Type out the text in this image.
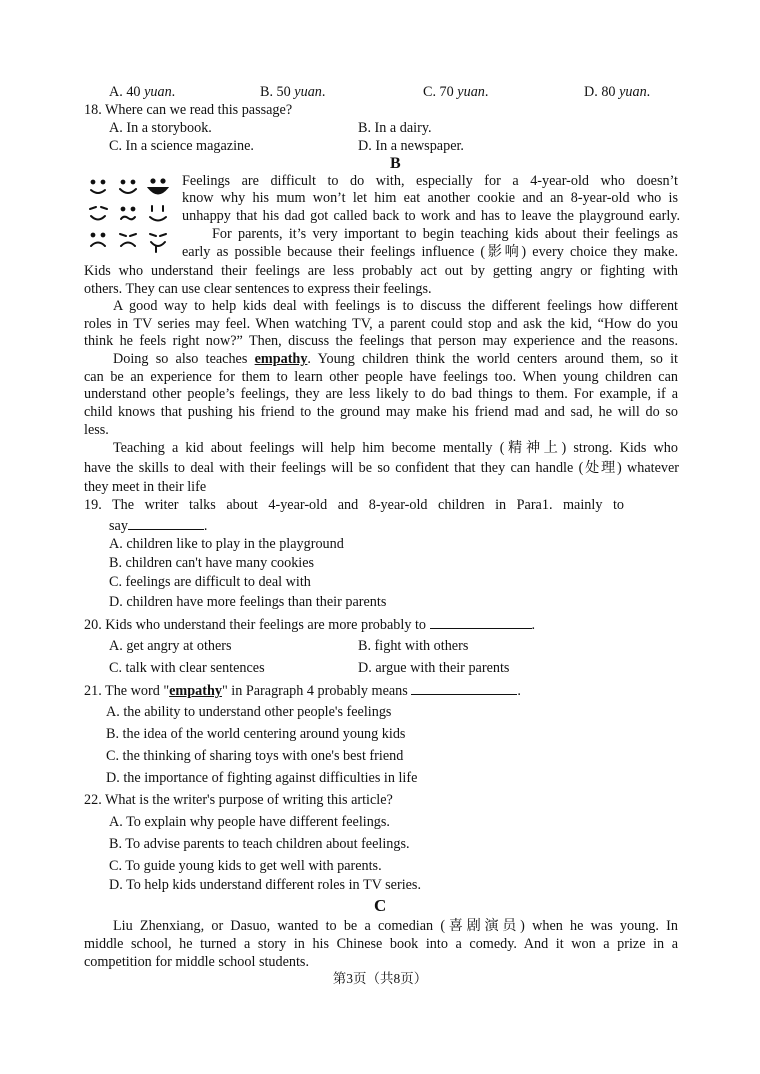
A. 40 yuan.	B. 50 yuan.	C. 70 yuan.	D. 80 yuan.
18. Where can we read this passage?
A. In a storybook.	B. In a dairy.
C. In a science magazine.	D. In a newspaper.
B
Feelings are difficult to do with, especially for a 4-year-old who doesn’t
know why his mum won’t let him eat another cookie and an 8-year-old who is
unhappy that his dad got called back to work and has to leave the playground early.
For parents, it’s very important to begin teaching kids about their feelings as
early as possible because their feelings influence (影响) every choice they make.
Kids who understand their feelings are less probably act out by getting angry or fighting with
others. They can use clear sentences to express their feelings.
A good way to help kids deal with feelings is to discuss the different feelings how different
roles in TV series may feel. When watching TV, a parent could stop and ask the kid, “How do you
think he feels right now?” Then, discuss the feelings that person may experience and the reasons.
Doing so also teaches empathy. Young children think the world centers around them, so it
can be an experience for them to learn other people have feelings too. When young children can
understand other people’s feelings, they are less likely to do bad things to them. For example, if a
child knows that pushing his friend to the ground may make his friend mad and sad, he will do so
less.
Teaching a kid about feelings will help him become mentally (精神上) strong. Kids who
have the skills to deal with their feelings will be so confident that they can handle (处理) whatever
they meet in their life
19. The writer talks about 4-year-old and 8-year-old children in Para1. mainly to
say	.
A. children like to play in the playground
B. children can't have many cookies
C. feelings are difficult to deal with
D. children have more feelings than their parents
20. Kids who understand their feelings are more probably to	.
A. get angry at others	B. fight with others
C. talk with clear sentences	D. argue with their parents
21. The word "empathy" in Paragraph 4 probably means	.
A. the ability to understand other people's feelings
B. the idea of the world centering around young kids
C. the thinking of sharing toys with one's best friend
D. the importance of fighting against difficulties in life
22. What is the writer's purpose of writing this article?
A. To explain why people have different feelings.
B. To advise parents to teach children about feelings.
C. To guide young kids to get well with parents.
D. To help kids understand different roles in TV series.
C
Liu Zhenxiang, or Dasuo, wanted to be a comedian (喜剧演员) when he was young. In
middle school, he turned a story in his Chinese book into a comedy. And it won a prize in a
competition for middle school students.
第3页（共8页）
